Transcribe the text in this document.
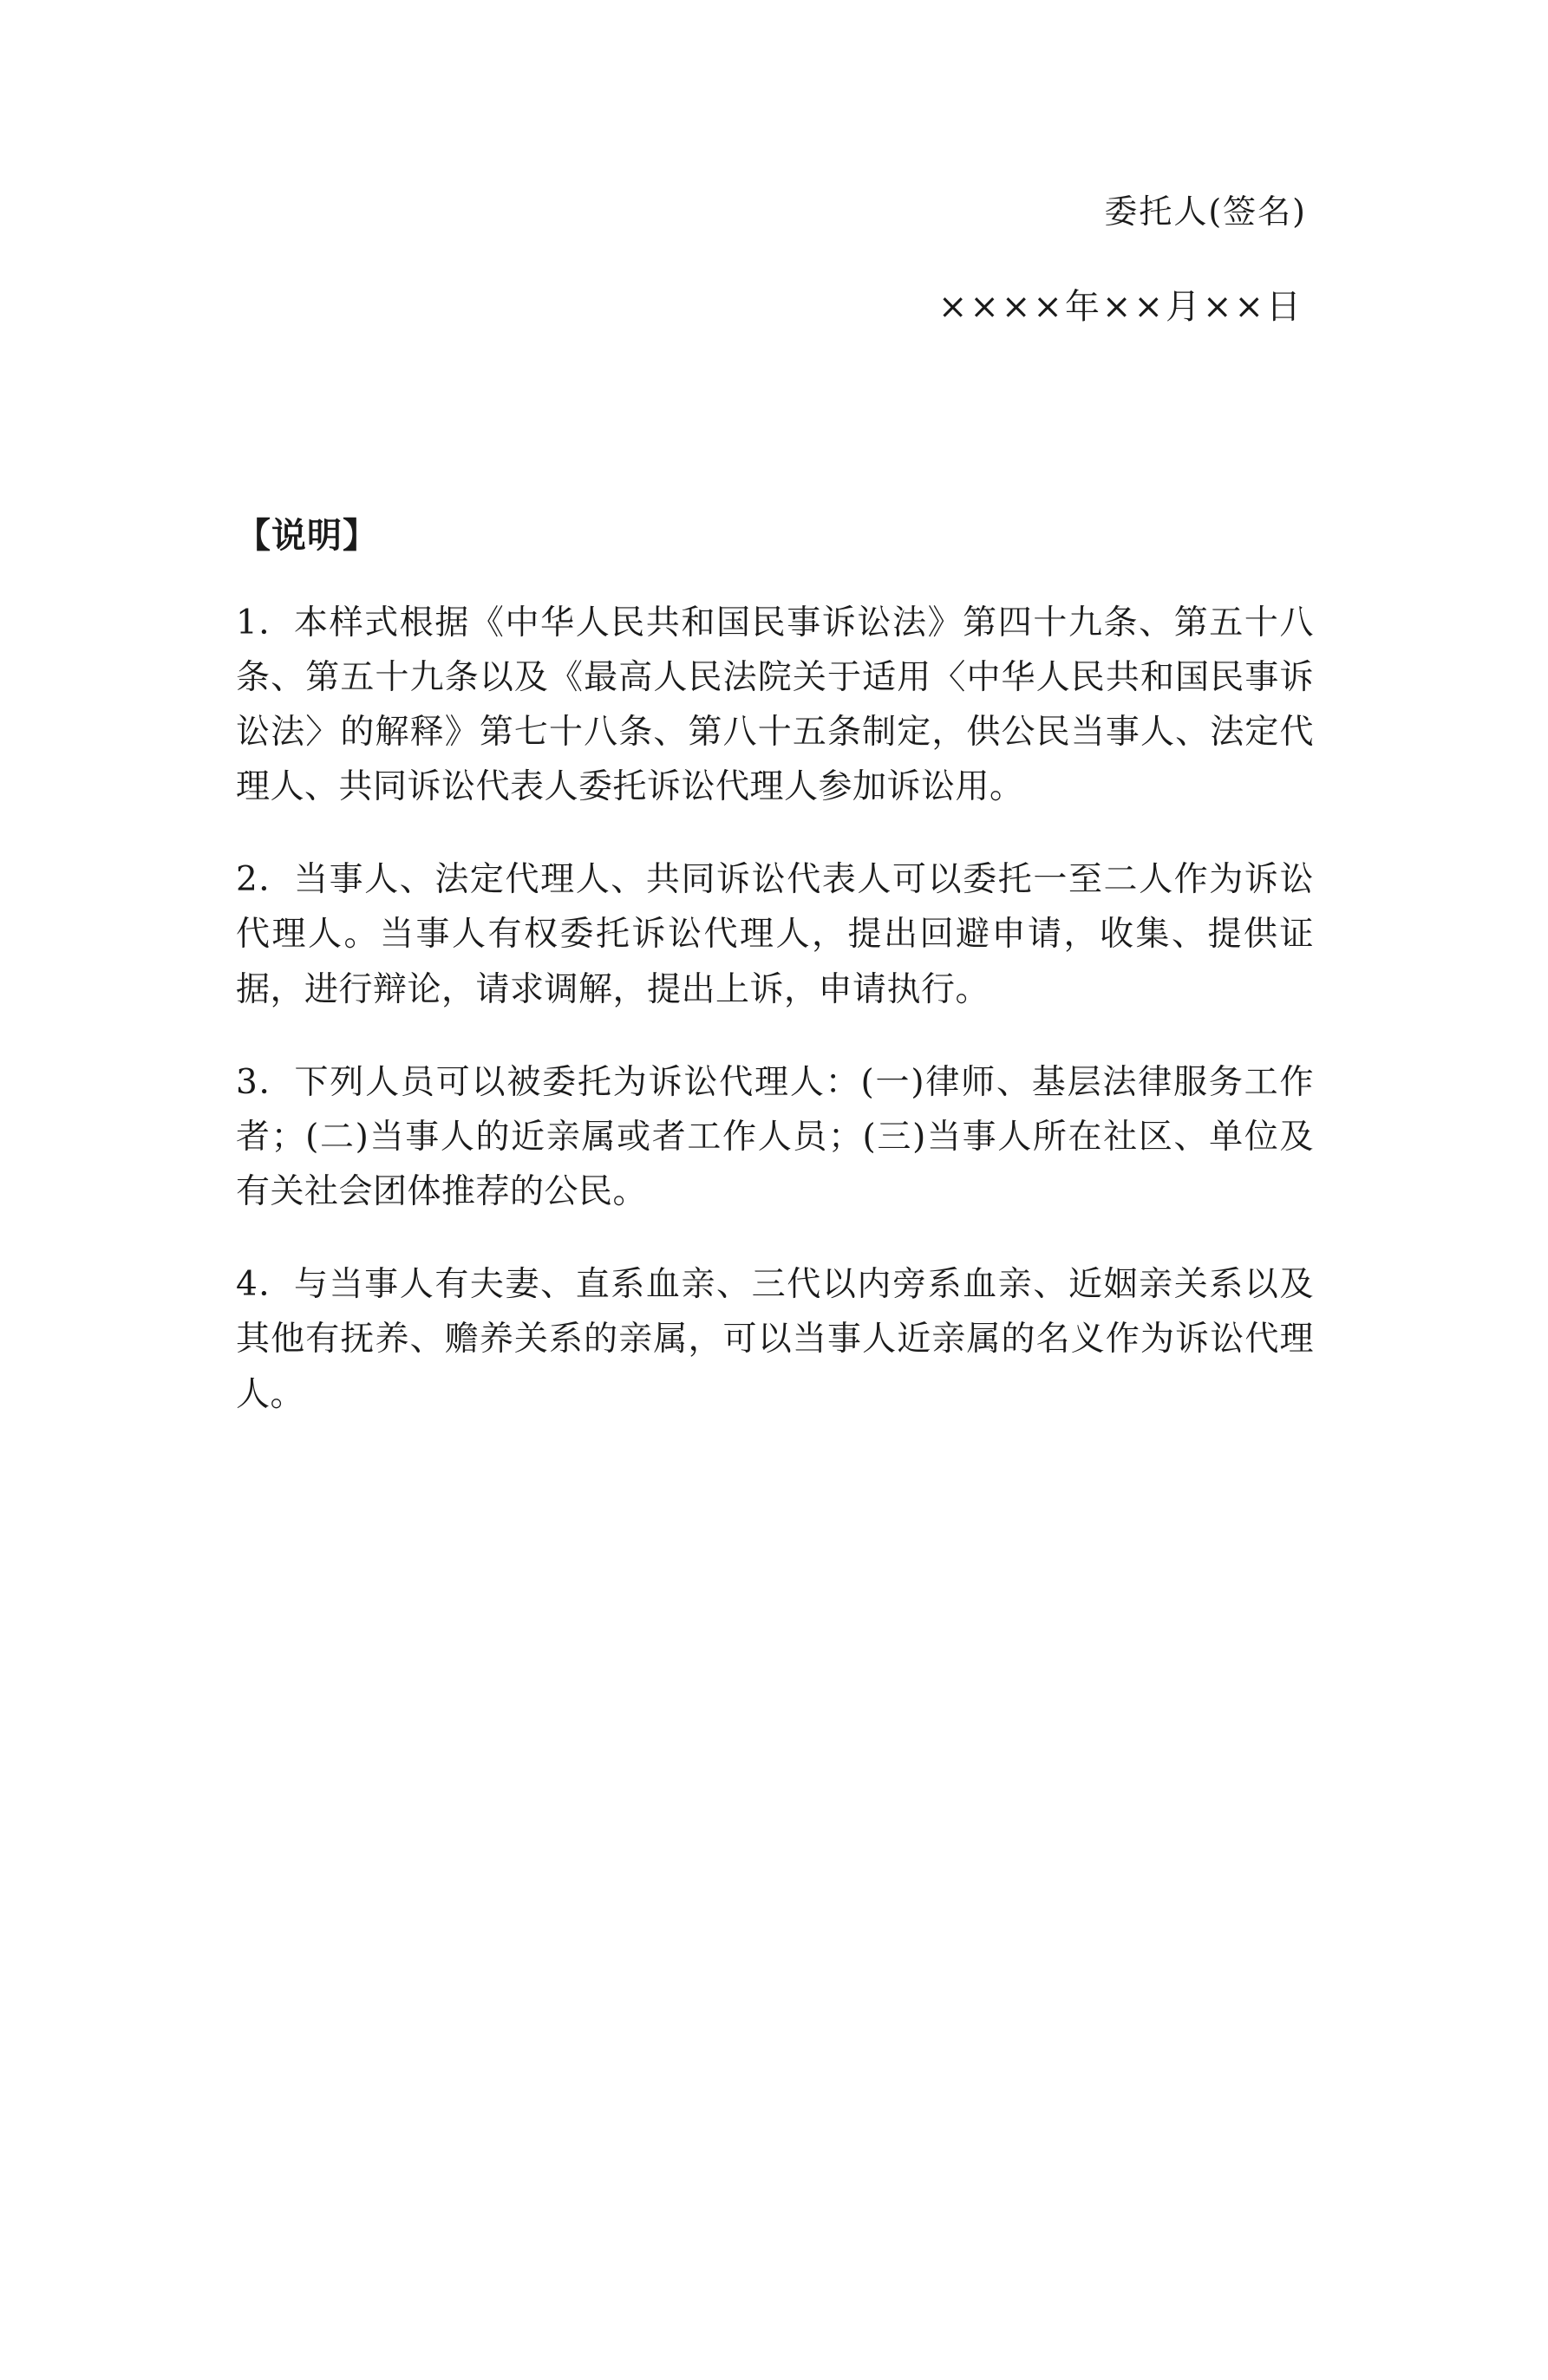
委托人(签名)
××××年××月××日
【说明】

1．本样式根据《中华人民共和国民事诉讼法》第四十九条、第五十八条、第五十九条以及《最高人民法院关于适用〈中华人民共和国民事诉讼法〉的解释》第七十八条、第八十五条制定，供公民当事人、法定代理人、共同诉讼代表人委托诉讼代理人参加诉讼用。

2．当事人、法定代理人、共同诉讼代表人可以委托一至二人作为诉讼代理人。当事人有权委托诉讼代理人，提出回避申请，收集、提供证据，进行辩论，请求调解，提出上诉，申请执行。

3．下列人员可以被委托为诉讼代理人：(一)律师、基层法律服务工作者；(二)当事人的近亲属或者工作人员；(三)当事人所在社区、单位及有关社会团体推荐的公民。

4．与当事人有夫妻、直系血亲、三代以内旁系血亲、近姻亲关系以及其他有抚养、赡养关系的亲属，可以当事人近亲属的名义作为诉讼代理人。
